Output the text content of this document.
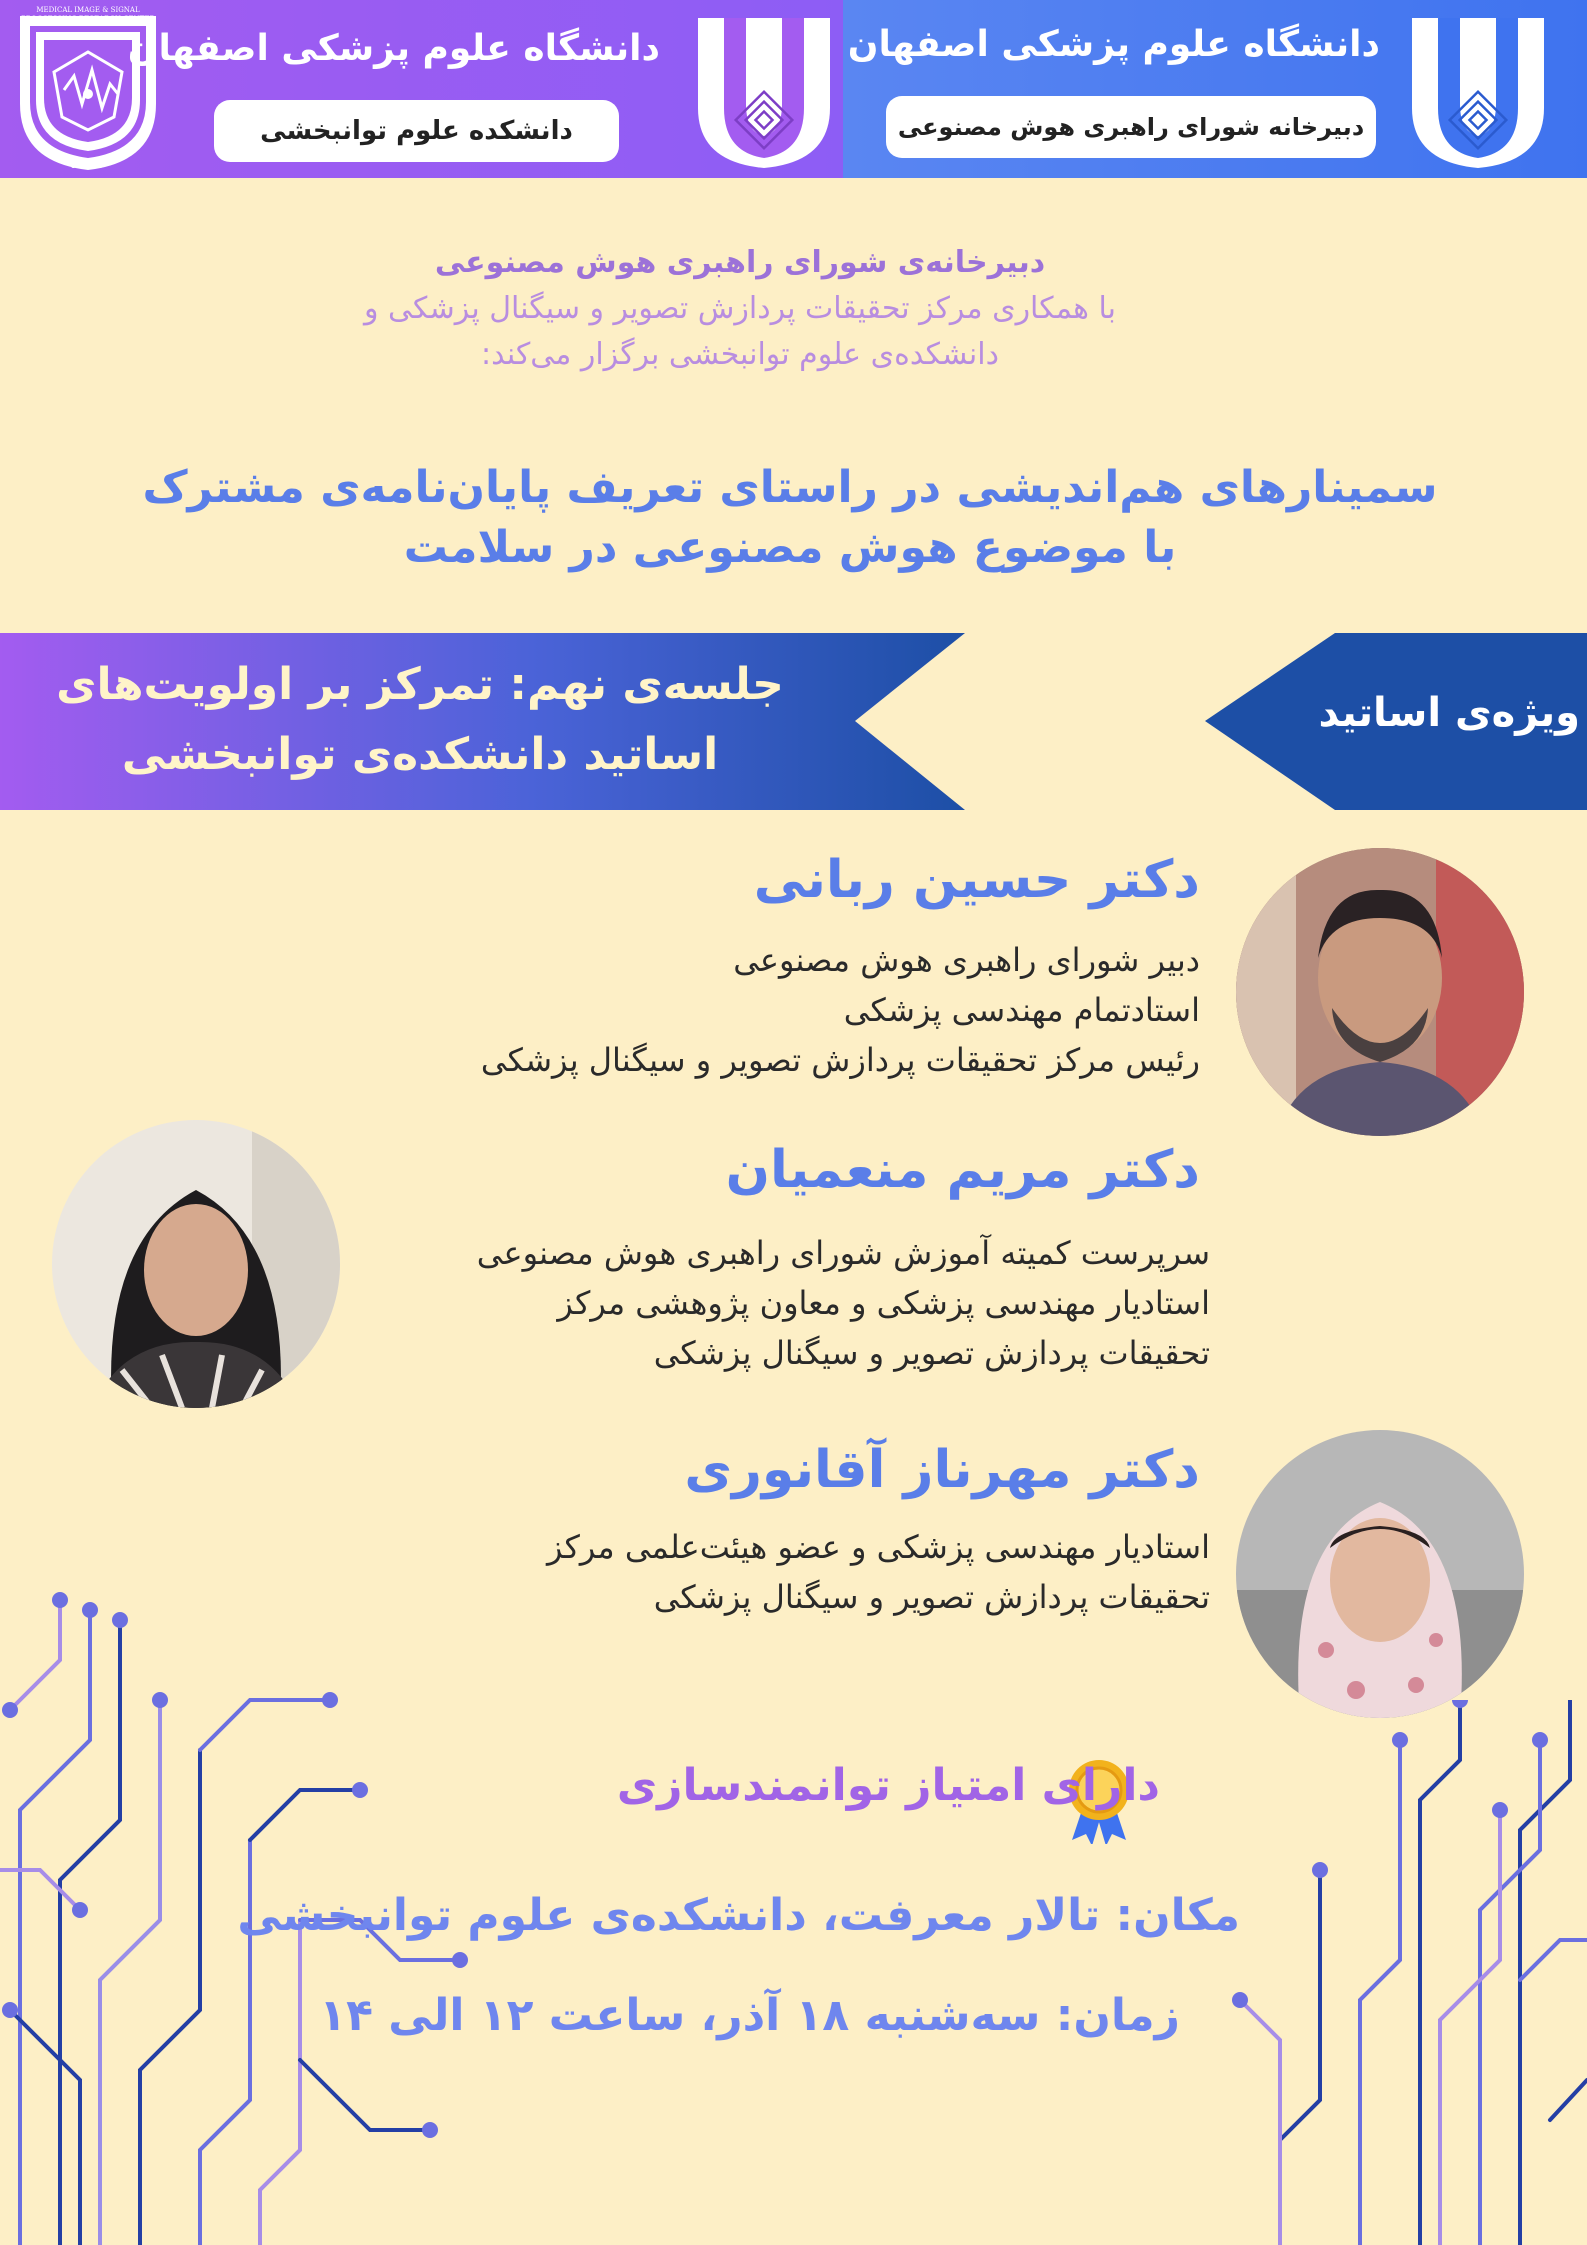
MEDICAL IMAGE & SIGNAL PROCCESSING RESEARCH CENTER
MISP
دانشگاه علوم پزشکی اصفهان
دانشکده علوم توانبخشی
دانشگاه علوم پزشکی اصفهان
دبیرخانه شورای راهبری هوش مصنوعی
دبیرخانه‌ی شورای راهبری هوش مصنوعی
با همکاری مرکز تحقیقات پردازش تصویر و سیگنال پزشکی و
دانشکده‌ی علوم توانبخشی برگزار می‌کند:
سمینارهای هم‌اندیشی در راستای تعریف پایان‌نامه‌ی مشترک
با موضوع هوش مصنوعی در سلامت
جلسه‌ی نهم: تمرکز بر اولویت‌های
اساتید دانشکده‌ی توانبخشی
ویژه‌ی اساتید
دکتر حسین ربانی
دبیر شورای راهبری هوش مصنوعی
استادتمام مهندسی پزشکی
رئیس مرکز تحقیقات پردازش تصویر و سیگنال پزشکی
دکتر مریم منعمیان
سرپرست کمیته آموزش شورای راهبری هوش مصنوعی
استادیار مهندسی پزشکی و معاون پژوهشی مرکز
تحقیقات پردازش تصویر و سیگنال پزشکی
دکتر مهرناز آقانوری
استادیار مهندسی پزشکی و عضو هیئت‌علمی مرکز
تحقیقات پردازش تصویر و سیگنال پزشکی
دارای امتیاز توانمندسازی
مکان: تالار معرفت، دانشکده‌ی علوم توانبخشی
زمان: سه‌شنبه ۱۸ آذر، ساعت ۱۲ الی ۱۴
